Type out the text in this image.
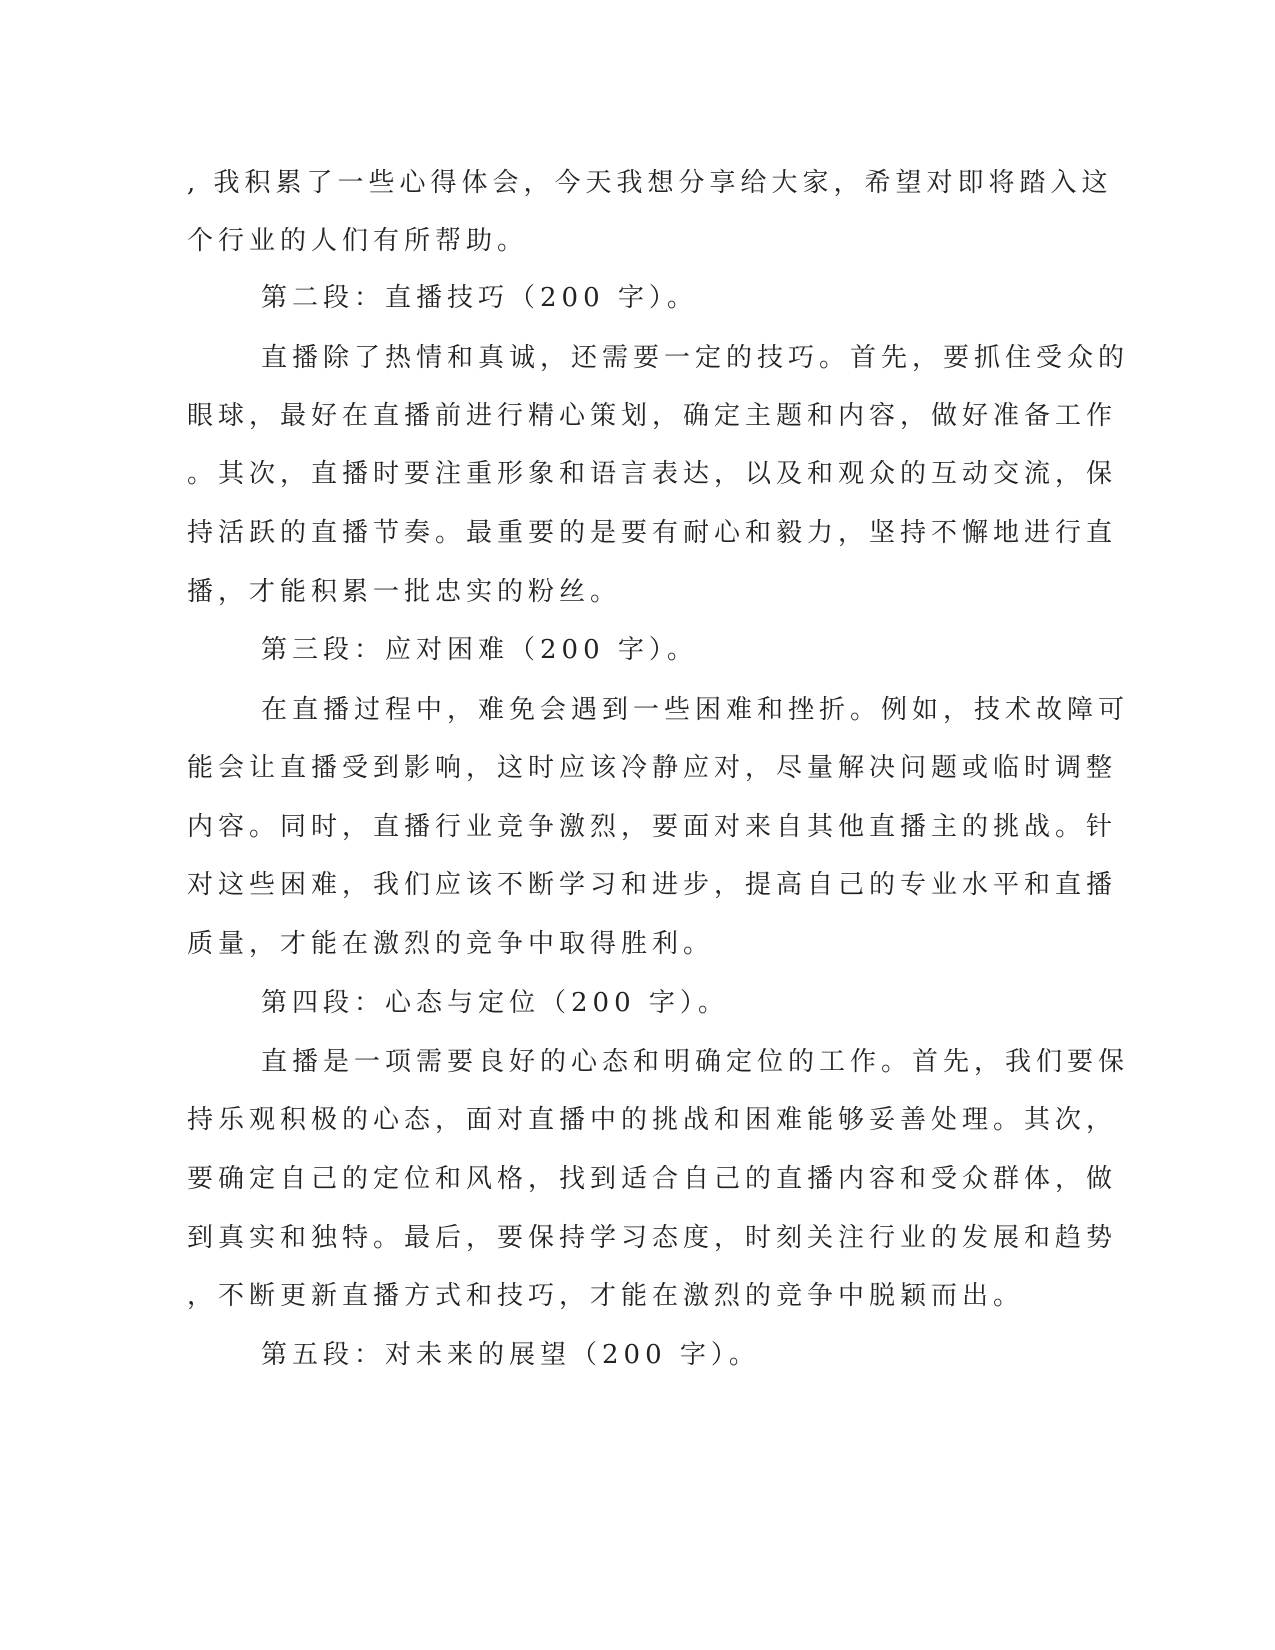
, 我积累了一些心得体会，今天我想分享给大家，希望对即将踏入这
个行业的人们有所帮助。
第二段：直播技巧（200 字）。
直播除了热情和真诚，还需要一定的技巧。首先，要抓住受众的
眼球，最好在直播前进行精心策划，确定主题和内容，做好准备工作
。其次，直播时要注重形象和语言表达，以及和观众的互动交流，保
持活跃的直播节奏。最重要的是要有耐心和毅力，坚持不懈地进行直
播，才能积累一批忠实的粉丝。
第三段：应对困难（200 字）。
在直播过程中，难免会遇到一些困难和挫折。例如，技术故障可
能会让直播受到影响，这时应该冷静应对，尽量解决问题或临时调整
内容。同时，直播行业竞争激烈，要面对来自其他直播主的挑战。针
对这些困难，我们应该不断学习和进步，提高自己的专业水平和直播
质量，才能在激烈的竞争中取得胜利。
第四段：心态与定位（200 字）。
直播是一项需要良好的心态和明确定位的工作。首先，我们要保
持乐观积极的心态，面对直播中的挑战和困难能够妥善处理。其次，
要确定自己的定位和风格，找到适合自己的直播内容和受众群体，做
到真实和独特。最后，要保持学习态度，时刻关注行业的发展和趋势
，不断更新直播方式和技巧，才能在激烈的竞争中脱颖而出。
第五段：对未来的展望（200 字）。
